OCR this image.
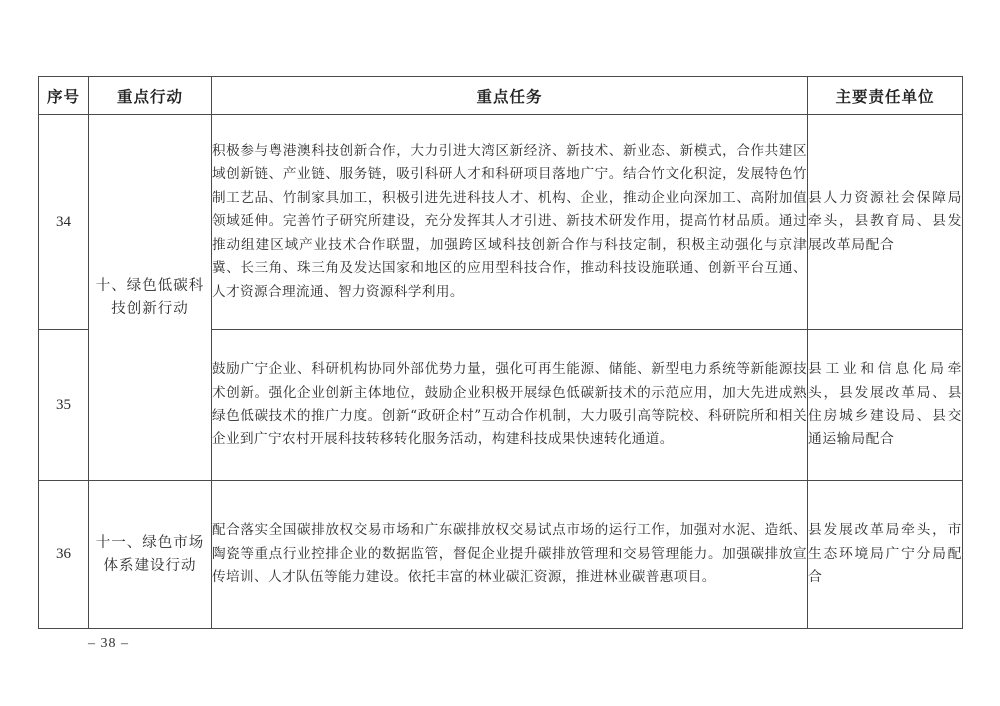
序号	重点行动	重点任务	主要责任单位
34	十、绿色低碳科技创新行动	积极参与粤港澳科技创新合作，大力引进大湾区新经济、新技术、新业态、新模式，合作共建区域创新链、产业链、服务链，吸引科研人才和科研项目落地广宁。结合竹文化积淀，发展特色竹制工艺品、竹制家具加工，积极引进先进科技人才、机构、企业，推动企业向深加工、高附加值领域延伸。完善竹子研究所建设，充分发挥其人才引进、新技术研发作用，提高竹材品质。通过推动组建区域产业技术合作联盟，加强跨区域科技创新合作与科技定制，积极主动强化与京津冀、长三角、珠三角及发达国家和地区的应用型科技合作，推动科技设施联通、创新平台互通、人才资源合理流通、智力资源科学利用。	县人力资源社会保障局牵头，县教育局、县发展改革局配合
35		鼓励广宁企业、科研机构协同外部优势力量，强化可再生能源、储能、新型电力系统等新能源技术创新。强化企业创新主体地位，鼓励企业积极开展绿色低碳新技术的示范应用，加大先进成熟绿色低碳技术的推广力度。创新“政研企村”互动合作机制，大力吸引高等院校、科研院所和相关企业到广宁农村开展科技转移转化服务活动，构建科技成果快速转化通道。	县工业和信息化局牵头，县发展改革局、县住房城乡建设局、县交通运输局配合
36	十一、绿色市场体系建设行动	配合落实全国碳排放权交易市场和广东碳排放权交易试点市场的运行工作，加强对水泥、造纸、陶瓷等重点行业控排企业的数据监管，督促企业提升碳排放管理和交易管理能力。加强碳排放宣传培训、人才队伍等能力建设。依托丰富的林业碳汇资源，推进林业碳普惠项目。	县发展改革局牵头，市生态环境局广宁分局配合
– 38 –
